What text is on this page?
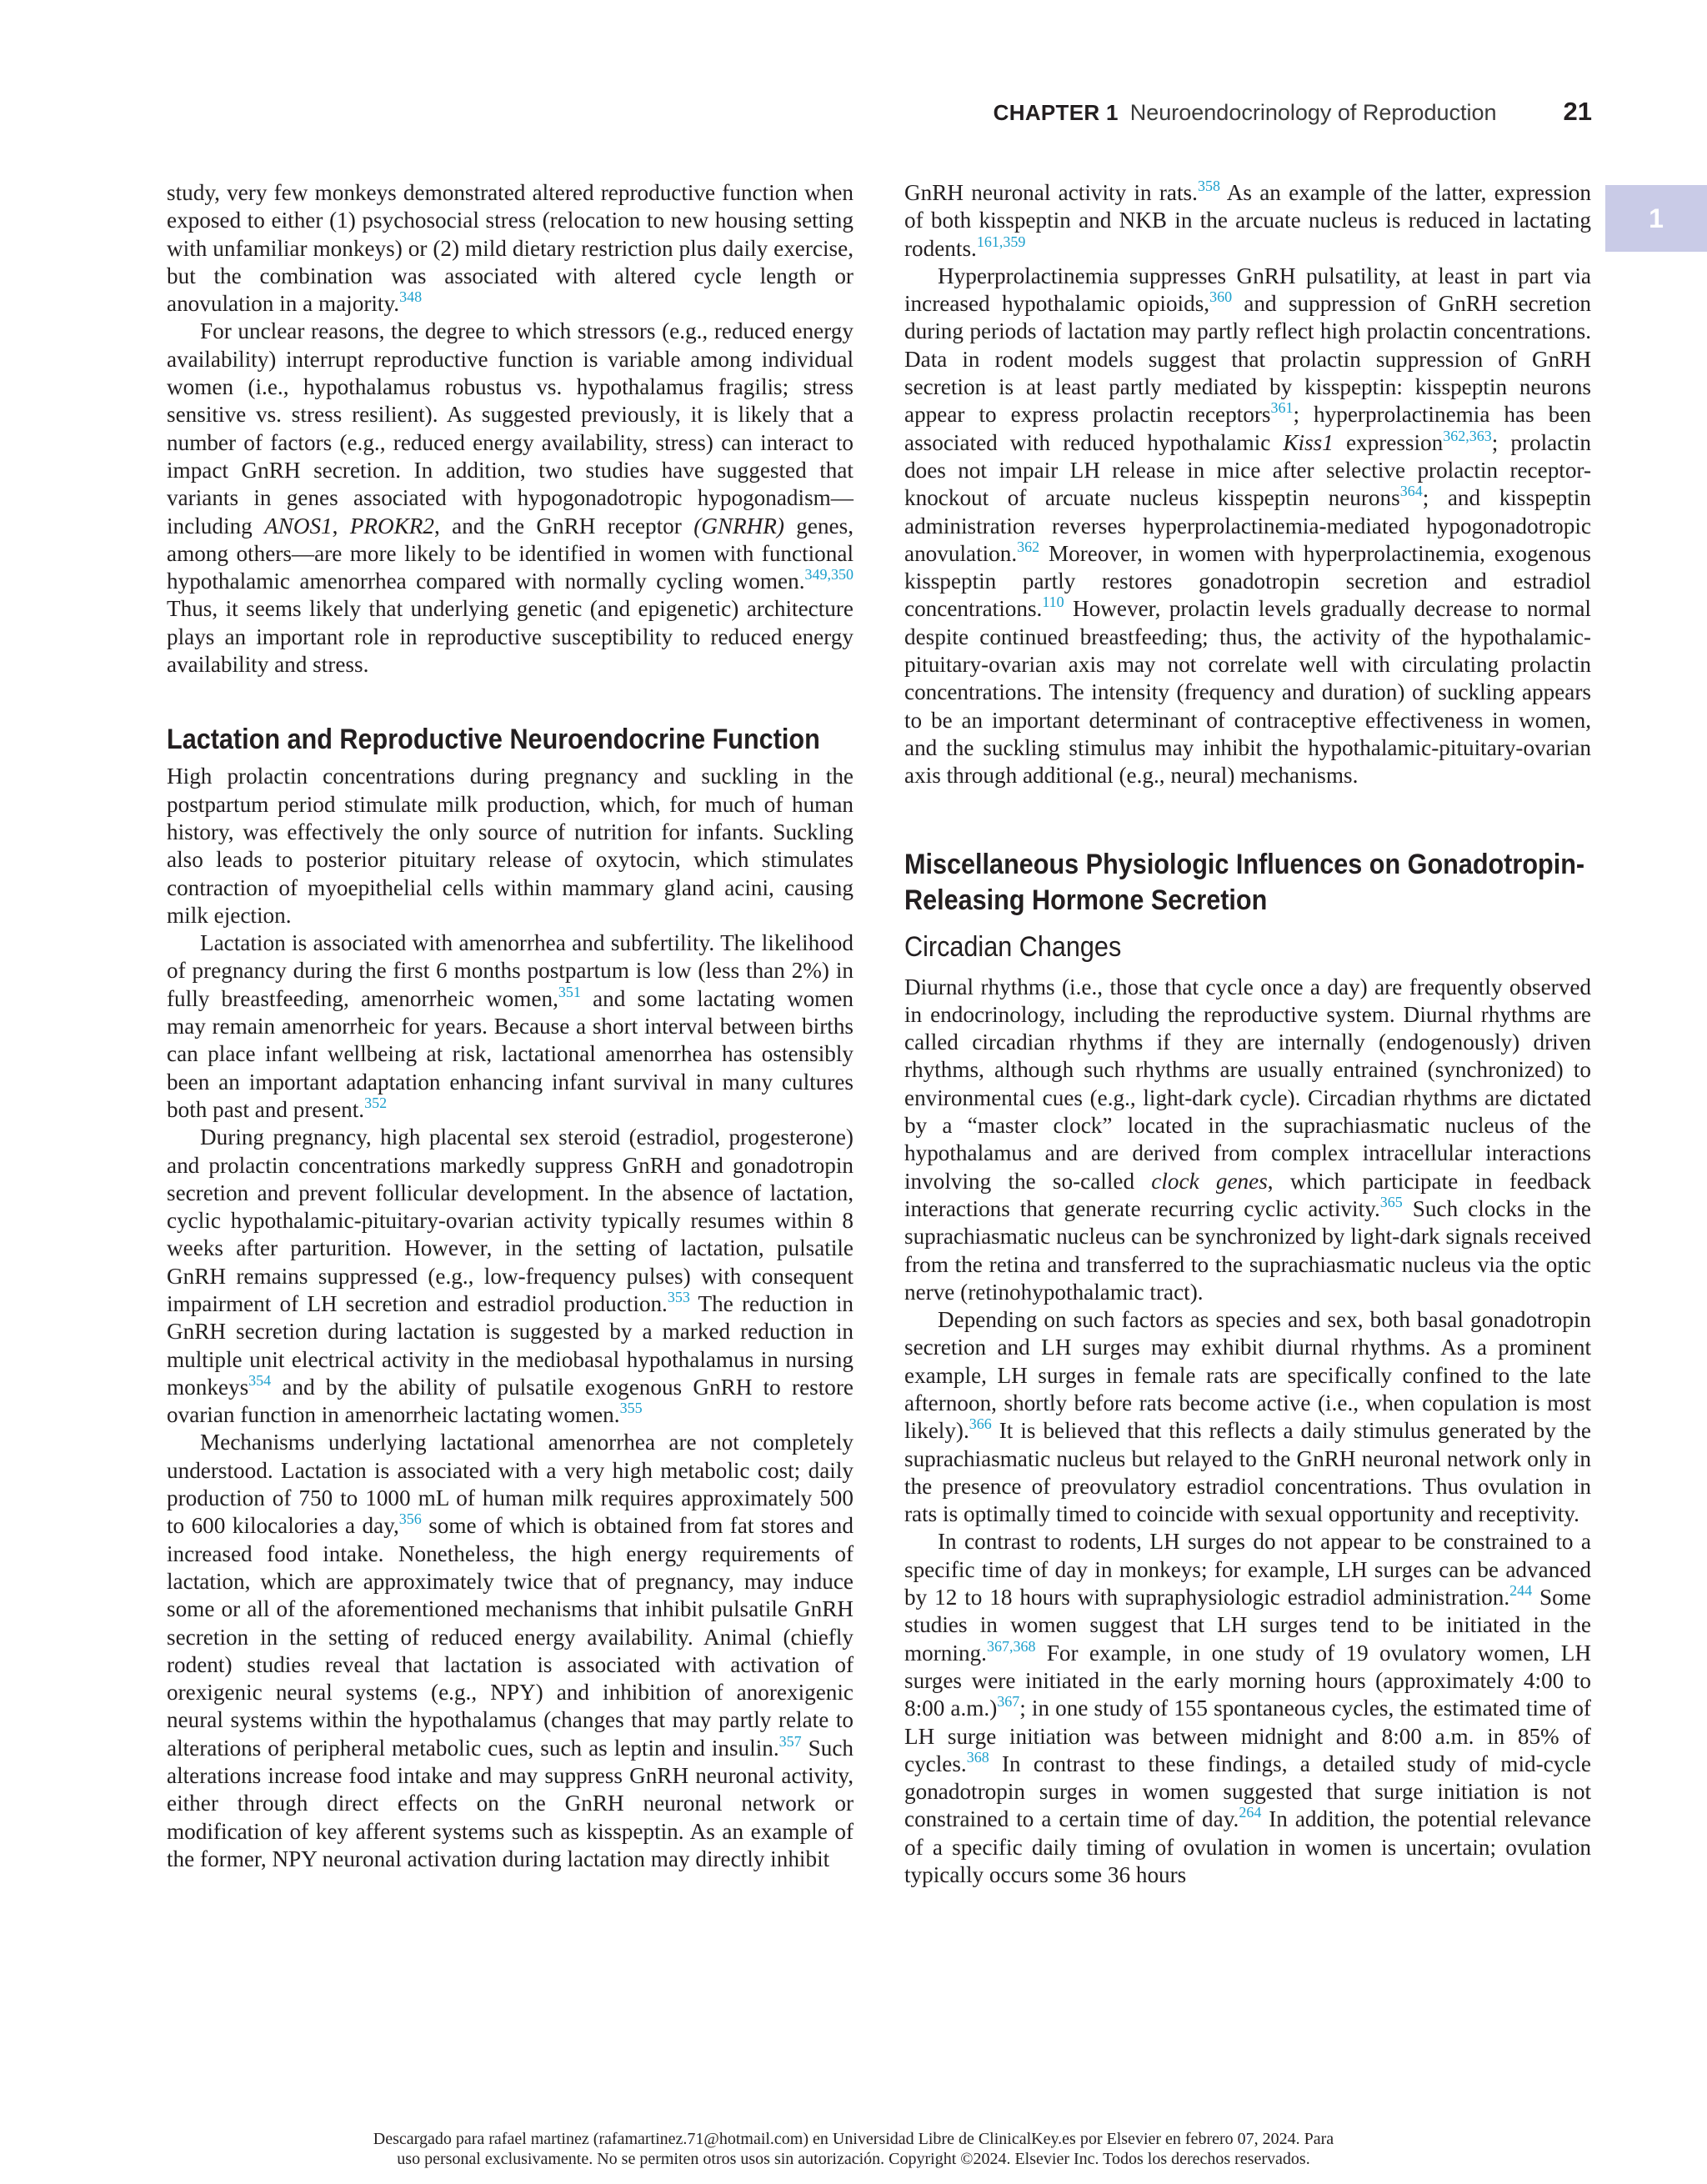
CHAPTER 1 Neuroendocrinology of Reproduction	21
1

study, very few monkeys demonstrated altered reproductive function when exposed to either (1) psychosocial stress (relocation to new housing setting with unfamiliar monkeys) or (2) mild dietary restriction plus daily exercise, but the combination was associated with altered cycle length or anovulation in a majority.$^{348}$

For unclear reasons, the degree to which stressors (e.g., reduced energy availability) interrupt reproductive function is variable among individual women (i.e., hypothalamus robustus vs. hypothalamus fragilis; stress sensitive vs. stress resilient). As suggested previously, it is likely that a number of factors (e.g., reduced energy availability, stress) can interact to impact GnRH secretion. In addition, two studies have suggested that variants in genes associated with hypogonadotropic hypogonadism—including ANOS1, PROKR2, and the GnRH receptor (GNRHR) genes, among others—are more likely to be identified in women with functional hypothalamic amenorrhea compared with normally cycling women.$^{349,350}$ Thus, it seems likely that underlying genetic (and epigenetic) architecture plays an important role in reproductive susceptibility to reduced energy availability and stress.

Lactation and Reproductive Neuroendocrine Function

High prolactin concentrations during pregnancy and suckling in the postpartum period stimulate milk production, which, for much of human history, was effectively the only source of nutrition for infants. Suckling also leads to posterior pituitary release of oxytocin, which stimulates contraction of myoepithelial cells within mammary gland acini, causing milk ejection.

Lactation is associated with amenorrhea and subfertility. The likelihood of pregnancy during the first 6 months postpartum is low (less than 2%) in fully breastfeeding, amenorrheic women,$^{351}$ and some lactating women may remain amenorrheic for years. Because a short interval between births can place infant wellbeing at risk, lactational amenorrhea has ostensibly been an important adaptation enhancing infant survival in many cultures both past and present.$^{352}$

During pregnancy, high placental sex steroid (estradiol, progesterone) and prolactin concentrations markedly suppress GnRH and gonadotropin secretion and prevent follicular development. In the absence of lactation, cyclic hypothalamic-pituitary-ovarian activity typically resumes within 8 weeks after parturition. However, in the setting of lactation, pulsatile GnRH remains suppressed (e.g., low-frequency pulses) with consequent impairment of LH secretion and estradiol production.$^{353}$ The reduction in GnRH secretion during lactation is suggested by a marked reduction in multiple unit electrical activity in the mediobasal hypothalamus in nursing monkeys$^{354}$ and by the ability of pulsatile exogenous GnRH to restore ovarian function in amenorrheic lactating women.$^{355}$

Mechanisms underlying lactational amenorrhea are not completely understood. Lactation is associated with a very high metabolic cost; daily production of 750 to 1000 mL of human milk requires approximately 500 to 600 kilocalories a day,$^{356}$ some of which is obtained from fat stores and increased food intake. Nonetheless, the high energy requirements of lactation, which are approximately twice that of pregnancy, may induce some or all of the aforementioned mechanisms that inhibit pulsatile GnRH secretion in the setting of reduced energy availability. Animal (chiefly rodent) studies reveal that lactation is associated with activation of orexigenic neural systems (e.g., NPY) and inhibition of anorexigenic neural systems within the hypothalamus (changes that may partly relate to alterations of peripheral metabolic cues, such as leptin and insulin.$^{357}$ Such alterations increase food intake and may suppress GnRH neuronal activity, either through direct effects on the GnRH neuronal network or modification of key afferent systems such as kisspeptin. As an example of the former, NPY neuronal activation during lactation may directly inhibit

GnRH neuronal activity in rats.$^{358}$ As an example of the latter, expression of both kisspeptin and NKB in the arcuate nucleus is reduced in lactating rodents.$^{161,359}$

Hyperprolactinemia suppresses GnRH pulsatility, at least in part via increased hypothalamic opioids,$^{360}$ and suppression of GnRH secretion during periods of lactation may partly reflect high prolactin concentrations. Data in rodent models suggest that prolactin suppression of GnRH secretion is at least partly mediated by kisspeptin: kisspeptin neurons appear to express prolactin receptors$^{361}$; hyperprolactinemia has been associated with reduced hypothalamic Kiss1 expression$^{362,363}$; prolactin does not impair LH release in mice after selective prolactin receptor-knockout of arcuate nucleus kisspeptin neurons$^{364}$; and kisspeptin administration reverses hyperprolactinemia-mediated hypogonadotropic anovulation.$^{362}$ Moreover, in women with hyperprolactinemia, exogenous kisspeptin partly restores gonadotropin secretion and estradiol concentrations.$^{110}$ However, prolactin levels gradually decrease to normal despite continued breastfeeding; thus, the activity of the hypothalamic-pituitary-ovarian axis may not correlate well with circulating prolactin concentrations. The intensity (frequency and duration) of suckling appears to be an important determinant of contraceptive effectiveness in women, and the suckling stimulus may inhibit the hypothalamic-pituitary-ovarian axis through additional (e.g., neural) mechanisms.

Miscellaneous Physiologic Influences on Gonadotropin-Releasing Hormone Secretion
Circadian Changes

Diurnal rhythms (i.e., those that cycle once a day) are frequently observed in endocrinology, including the reproductive system. Diurnal rhythms are called circadian rhythms if they are internally (endogenously) driven rhythms, although such rhythms are usually entrained (synchronized) to environmental cues (e.g., light-dark cycle). Circadian rhythms are dictated by a “master clock” located in the suprachiasmatic nucleus of the hypothalamus and are derived from complex intracellular interactions involving the so-called clock genes, which participate in feedback interactions that generate recurring cyclic activity.$^{365}$ Such clocks in the suprachiasmatic nucleus can be synchronized by light-dark signals received from the retina and transferred to the suprachiasmatic nucleus via the optic nerve (retinohypothalamic tract).

Depending on such factors as species and sex, both basal gonadotropin secretion and LH surges may exhibit diurnal rhythms. As a prominent example, LH surges in female rats are specifically confined to the late afternoon, shortly before rats become active (i.e., when copulation is most likely).$^{366}$ It is believed that this reflects a daily stimulus generated by the suprachiasmatic nucleus but relayed to the GnRH neuronal network only in the presence of preovulatory estradiol concentrations. Thus ovulation in rats is optimally timed to coincide with sexual opportunity and receptivity.

In contrast to rodents, LH surges do not appear to be constrained to a specific time of day in monkeys; for example, LH surges can be advanced by 12 to 18 hours with supraphysiologic estradiol administration.$^{244}$ Some studies in women suggest that LH surges tend to be initiated in the morning.$^{367,368}$ For example, in one study of 19 ovulatory women, LH surges were initiated in the early morning hours (approximately 4:00 to 8:00 a.m.)$^{367}$; in one study of 155 spontaneous cycles, the estimated time of LH surge initiation was between midnight and 8:00 a.m. in 85% of cycles.$^{368}$ In contrast to these findings, a detailed study of mid-cycle gonadotropin surges in women suggested that surge initiation is not constrained to a certain time of day.$^{264}$ In addition, the potential relevance of a specific daily timing of ovulation in women is uncertain; ovulation typically occurs some 36 hours

Descargado para rafael martinez (rafamartinez.71@hotmail.com) en Universidad Libre de ClinicalKey.es por Elsevier en febrero 07, 2024. Para
uso personal exclusivamente. No se permiten otros usos sin autorización. Copyright ©2024. Elsevier Inc. Todos los derechos reservados.
